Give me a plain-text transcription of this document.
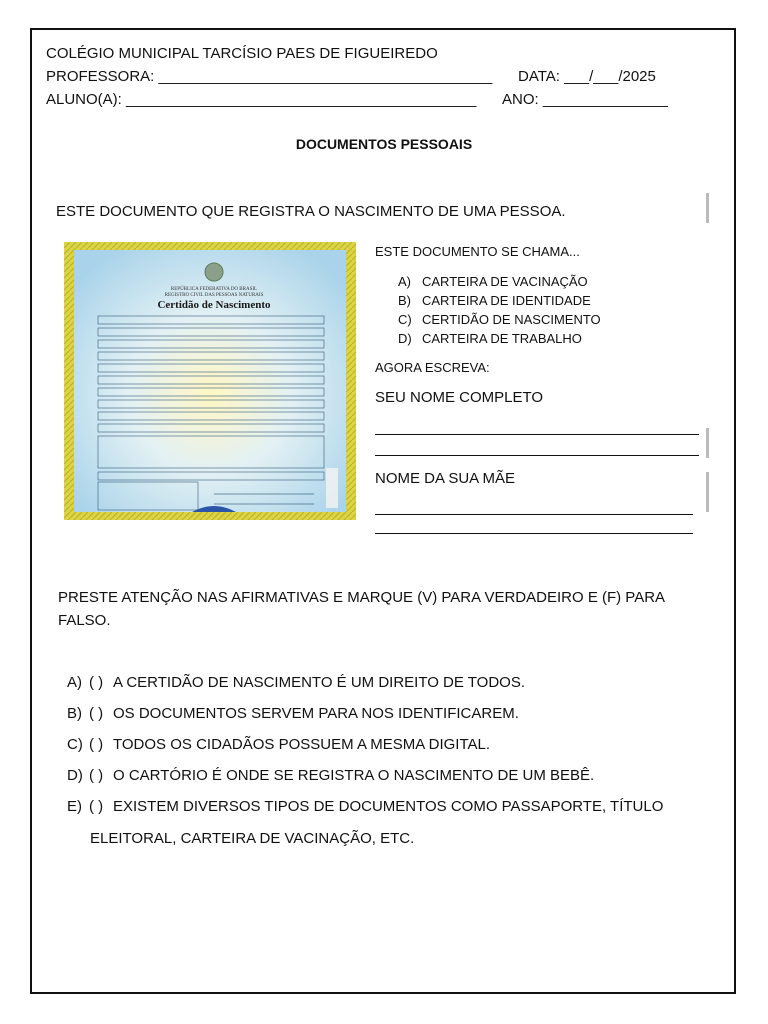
COLÉGIO MUNICIPAL TARCÍSIO PAES DE FIGUEIREDO
PROFESSORA: ________________________________________ DATA: ___/___/2025
ALUNO(A): __________________________________________ ANO: _______________
DOCUMENTOS PESSOAIS
ESTE DOCUMENTO QUE REGISTRA O NASCIMENTO DE UMA PESSOA.
REPÚBLICA FEDERATIVA DO BRASIL
REGISTRO CIVIL DAS PESSOAS NATURAIS
Certidão de Nascimento
ESTE DOCUMENTO SE CHAMA...
A) CARTEIRA DE VACINAÇÃO
B) CARTEIRA DE IDENTIDADE
C) CERTIDÃO DE NASCIMENTO
D) CARTEIRA DE TRABALHO
AGORA ESCREVA:
SEU NOME COMPLETO
NOME DA SUA MÃE
PRESTE ATENÇÃO NAS AFIRMATIVAS E MARQUE (V) PARA VERDADEIRO E (F) PARA FALSO.
A) ( ) A CERTIDÃO DE NASCIMENTO É UM DIREITO DE TODOS.
B) ( ) OS DOCUMENTOS SERVEM PARA NOS IDENTIFICAREM.
C) ( ) TODOS OS CIDADÃOS POSSUEM A MESMA DIGITAL.
D) ( ) O CARTÓRIO É ONDE SE REGISTRA O NASCIMENTO DE UM BEBÊ.
E) ( ) EXISTEM DIVERSOS TIPOS DE DOCUMENTOS COMO PASSAPORTE, TÍTULO
ELEITORAL, CARTEIRA DE VACINAÇÃO, ETC.
